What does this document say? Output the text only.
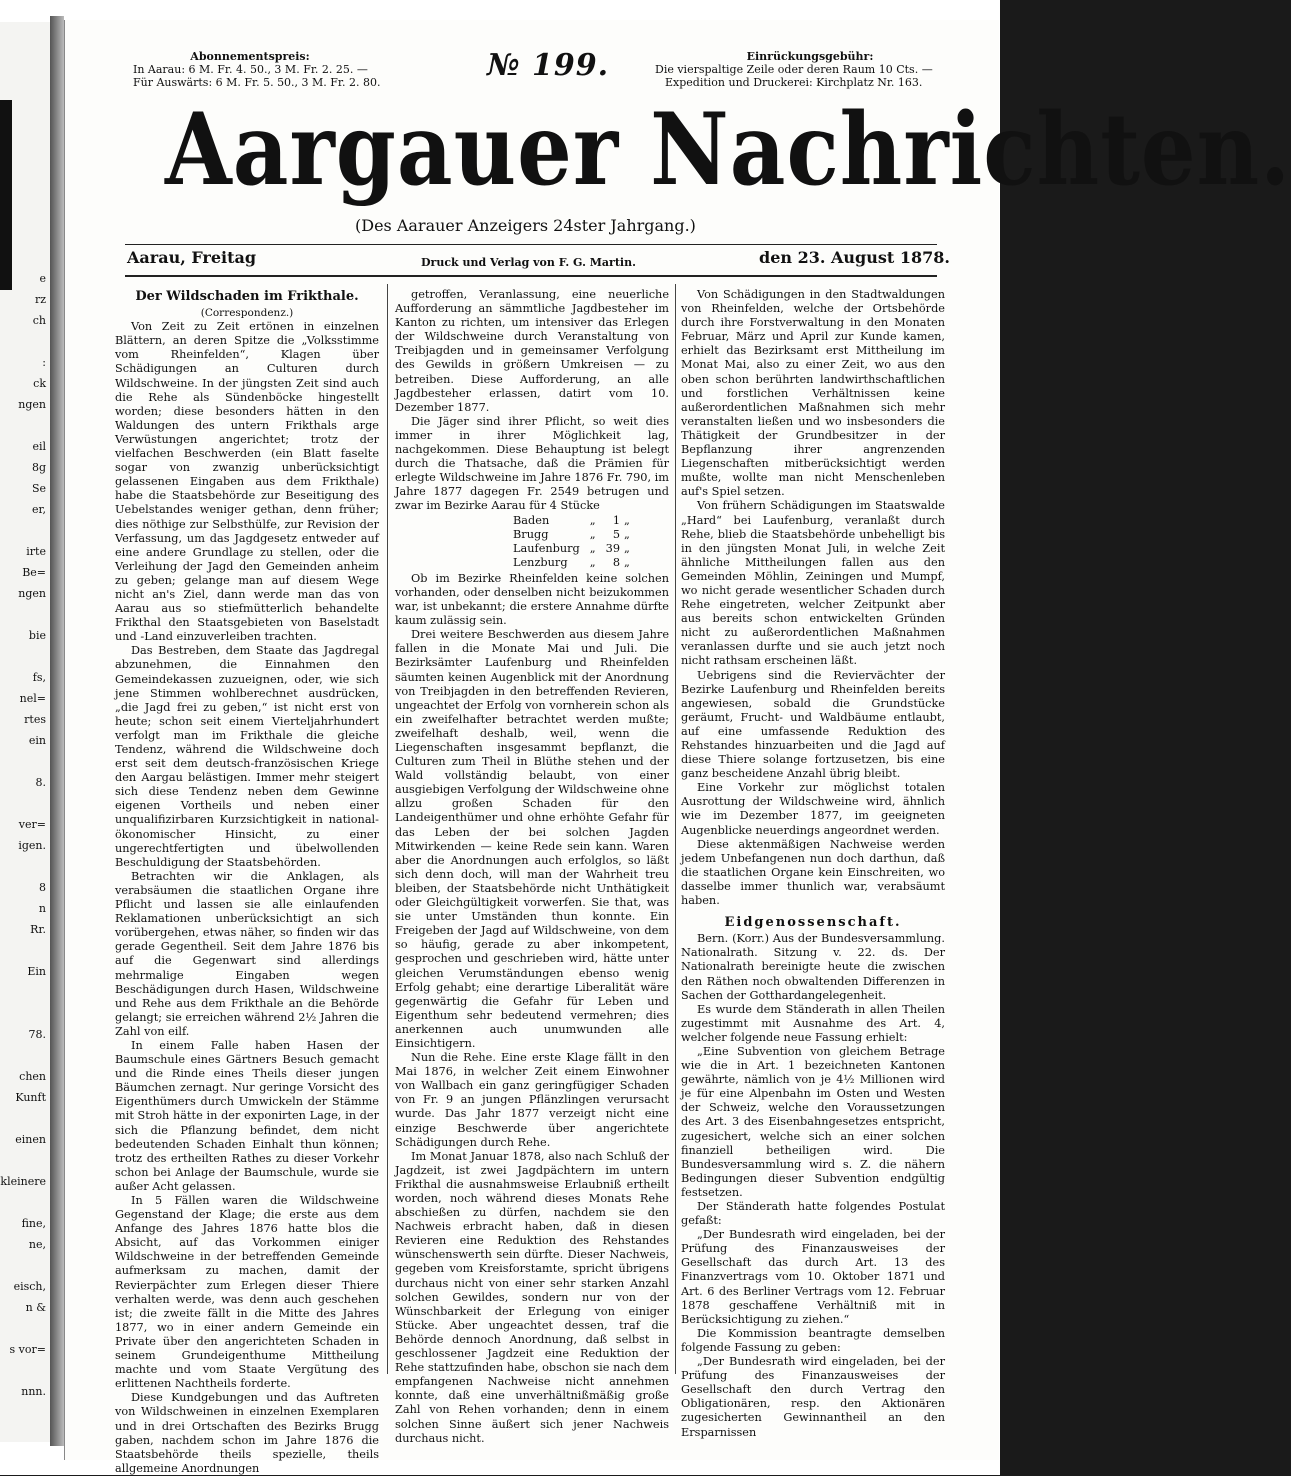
e
rz
ch
:
ck
ngen
eil
8g
Se
er,
irte
Be=
ngen
bie
fs,
nel=
rtes
ein
8.
ver=
igen.
8
n
Rr.
Ein
78.
chen
Kunft
einen
kleinere
fine,
ne,
eisch,
n &
s vor=
nnn.
Abonnementspreis:
In Aarau: 6 M. Fr. 4. 50., 3 M. Fr. 2. 25. —
Für Auswärts: 6 M. Fr. 5. 50., 3 M. Fr. 2. 80.	№ 199.	Einrückungsgebühr:
Die vierspaltige Zeile oder deren Raum 10 Cts. —
Expedition und Druckerei: Kirchplatz Nr. 163.
Aargauer Nachrichten.
(Des Aarauer Anzeigers 24ster Jahrgang.)
Aarau, Freitag	Druck und Verlag von F. G. Martin.	den 23. August 1878.
Der Wildschaden im Frikthale.

(Correspondenz.)

Von Zeit zu Zeit ertönen in einzelnen Blättern, an deren Spitze die „Volksstimme vom Rheinfelden“, Klagen über Schädigungen an Culturen durch Wildschweine. In der jüngsten Zeit sind auch die Rehe als Sündenböcke hingestellt worden; diese besonders hätten in den Waldungen des untern Frikthals arge Verwüstungen angerichtet; trotz der vielfachen Beschwerden (ein Blatt faselte sogar von zwanzig unberücksichtigt gelassenen Eingaben aus dem Frikthale) habe die Staatsbehörde zur Beseitigung des Uebelstandes weniger gethan, denn früher; dies nöthige zur Selbsthülfe, zur Revision der Verfassung, um das Jagdgesetz entweder auf eine andere Grundlage zu stellen, oder die Verleihung der Jagd den Gemeinden anheim zu geben; gelange man auf diesem Wege nicht an's Ziel, dann werde man das von Aarau aus so stiefmütterlich behandelte Frikthal den Staatsgebieten von Baselstadt und -Land einzuverleiben trachten.

Das Bestreben, dem Staate das Jagdregal abzunehmen, die Einnahmen den Gemeindekassen zuzueignen, oder, wie sich jene Stimmen wohlberechnet ausdrücken, „die Jagd frei zu geben,“ ist nicht erst von heute; schon seit einem Vierteljahrhundert verfolgt man im Frikthale die gleiche Tendenz, während die Wildschweine doch erst seit dem deutsch-französischen Kriege den Aargau belästigen. Immer mehr steigert sich diese Tendenz neben dem Gewinne eigenen Vortheils und neben einer unqualifizirbaren Kurzsichtigkeit in national-ökonomischer Hinsicht, zu einer ungerechtfertigten und übelwollenden Beschuldigung der Staatsbehörden.

Betrachten wir die Anklagen, als verabsäumen die staatlichen Organe ihre Pflicht und lassen sie alle einlaufenden Reklamationen unberücksichtigt an sich vorübergehen, etwas näher, so finden wir das gerade Gegentheil. Seit dem Jahre 1876 bis auf die Gegenwart sind allerdings mehrmalige Eingaben wegen Beschädigungen durch Hasen, Wildschweine und Rehe aus dem Frikthale an die Behörde gelangt; sie erreichen während 2½ Jahren die Zahl von eilf.

In einem Falle haben Hasen der Baumschule eines Gärtners Besuch gemacht und die Rinde eines Theils dieser jungen Bäumchen zernagt. Nur geringe Vorsicht des Eigenthümers durch Umwickeln der Stämme mit Stroh hätte in der exponirten Lage, in der sich die Pflanzung befindet, dem nicht bedeutenden Schaden Einhalt thun können; trotz des ertheilten Rathes zu dieser Vorkehr schon bei Anlage der Baumschule, wurde sie außer Acht gelassen.

In 5 Fällen waren die Wildschweine Gegenstand der Klage; die erste aus dem Anfange des Jahres 1876 hatte blos die Absicht, auf das Vorkommen einiger Wildschweine in der betreffenden Gemeinde aufmerksam zu machen, damit der Revierpächter zum Erlegen dieser Thiere verhalten werde, was denn auch geschehen ist; die zweite fällt in die Mitte des Jahres 1877, wo in einer andern Gemeinde ein Private über den angerichteten Schaden in seinem Grundeigenthume Mittheilung machte und vom Staate Vergütung des erlittenen Nachtheils forderte.

Diese Kundgebungen und das Auftreten von Wildschweinen in einzelnen Exemplaren und in drei Ortschaften des Bezirks Brugg gaben, nachdem schon im Jahre 1876 die Staatsbehörde theils spezielle, theils allgemeine Anordnungen

getroffen, Veranlassung, eine neuerliche Aufforderung an sämmtliche Jagdbesteher im Kanton zu richten, um intensiver das Erlegen der Wildschweine durch Veranstaltung von Treibjagden und in gemeinsamer Verfolgung des Gewilds in größern Umkreisen — zu betreiben. Diese Aufforderung, an alle Jagdbesteher erlassen, datirt vom 10. Dezember 1877.

Die Jäger sind ihrer Pflicht, so weit dies immer in ihrer Möglichkeit lag, nachgekommen. Diese Behauptung ist belegt durch die Thatsache, daß die Prämien für erlegte Wildschweine im Jahre 1876 Fr. 790, im Jahre 1877 dagegen Fr. 2549 betrugen und zwar im Bezirke Aarau für 4 Stücke

Baden	„	1	„
Brugg	„	5	„
Laufenburg	„	39	„
Lenzburg	„	8	„

Ob im Bezirke Rheinfelden keine solchen vorhanden, oder denselben nicht beizukommen war, ist unbekannt; die erstere Annahme dürfte kaum zulässig sein.

Drei weitere Beschwerden aus diesem Jahre fallen in die Monate Mai und Juli. Die Bezirksämter Laufenburg und Rheinfelden säumten keinen Augenblick mit der Anordnung von Treibjagden in den betreffenden Revieren, ungeachtet der Erfolg von vornherein schon als ein zweifelhafter betrachtet werden mußte; zweifelhaft deshalb, weil, wenn die Liegenschaften insgesammt bepflanzt, die Culturen zum Theil in Blüthe stehen und der Wald vollständig belaubt, von einer ausgiebigen Verfolgung der Wildschweine ohne allzu großen Schaden für den Landeigenthümer und ohne erhöhte Gefahr für das Leben der bei solchen Jagden Mitwirkenden — keine Rede sein kann. Waren aber die Anordnungen auch erfolglos, so läßt sich denn doch, will man der Wahrheit treu bleiben, der Staatsbehörde nicht Unthätigkeit oder Gleichgültigkeit vorwerfen. Sie that, was sie unter Umständen thun konnte. Ein Freigeben der Jagd auf Wildschweine, von dem so häufig, gerade zu aber inkompetent, gesprochen und geschrieben wird, hätte unter gleichen Verumständungen ebenso wenig Erfolg gehabt; eine derartige Liberalität wäre gegenwärtig die Gefahr für Leben und Eigenthum sehr bedeutend vermehren; dies anerkennen auch unumwunden alle Einsichtigern.

Nun die Rehe. Eine erste Klage fällt in den Mai 1876, in welcher Zeit einem Einwohner von Wallbach ein ganz geringfügiger Schaden von Fr. 9 an jungen Pflänzlingen verursacht wurde. Das Jahr 1877 verzeigt nicht eine einzige Beschwerde über angerichtete Schädigungen durch Rehe.

Im Monat Januar 1878, also nach Schluß der Jagdzeit, ist zwei Jagdpächtern im untern Frikthal die ausnahmsweise Erlaubniß ertheilt worden, noch während dieses Monats Rehe abschießen zu dürfen, nachdem sie den Nachweis erbracht haben, daß in diesen Revieren eine Reduktion des Rehstandes wünschenswerth sein dürfte. Dieser Nachweis, gegeben vom Kreisforstamte, spricht übrigens durchaus nicht von einer sehr starken Anzahl solchen Gewildes, sondern nur von der Wünschbarkeit der Erlegung von einiger Stücke. Aber ungeachtet dessen, traf die Behörde dennoch Anordnung, daß selbst in geschlossener Jagdzeit eine Reduktion der Rehe stattzufinden habe, obschon sie nach dem empfangenen Nachweise nicht annehmen konnte, daß eine unverhältnißmäßig große Zahl von Rehen vorhanden; denn in einem solchen Sinne äußert sich jener Nachweis durchaus nicht.

Von Schädigungen in den Stadtwaldungen von Rheinfelden, welche der Ortsbehörde durch ihre Forstverwaltung in den Monaten Februar, März und April zur Kunde kamen, erhielt das Bezirksamt erst Mittheilung im Monat Mai, also zu einer Zeit, wo aus den oben schon berührten landwirthschaftlichen und forstlichen Verhältnissen keine außerordentlichen Maßnahmen sich mehr veranstalten ließen und wo insbesonders die Thätigkeit der Grundbesitzer in der Bepflanzung ihrer angrenzenden Liegenschaften mitberücksichtigt werden mußte, wollte man nicht Menschenleben auf's Spiel setzen.

Von frühern Schädigungen im Staatswalde „Hard“ bei Laufenburg, veranlaßt durch Rehe, blieb die Staatsbehörde unbehelligt bis in den jüngsten Monat Juli, in welche Zeit ähnliche Mittheilungen fallen aus den Gemeinden Möhlin, Zeiningen und Mumpf, wo nicht gerade wesentlicher Schaden durch Rehe eingetreten, welcher Zeitpunkt aber aus bereits schon entwickelten Gründen nicht zu außerordentlichen Maßnahmen veranlassen durfte und sie auch jetzt noch nicht rathsam erscheinen läßt.

Uebrigens sind die Reviervächter der Bezirke Laufenburg und Rheinfelden bereits angewiesen, sobald die Grundstücke geräumt, Frucht- und Waldbäume entlaubt, auf eine umfassende Reduktion des Rehstandes hinzuarbeiten und die Jagd auf diese Thiere solange fortzusetzen, bis eine ganz bescheidene Anzahl übrig bleibt.

Eine Vorkehr zur möglichst totalen Ausrottung der Wildschweine wird, ähnlich wie im Dezember 1877, im geeigneten Augenblicke neuerdings angeordnet werden.

Diese aktenmäßigen Nachweise werden jedem Unbefangenen nun doch darthun, daß die staatlichen Organe kein Einschreiten, wo dasselbe immer thunlich war, verabsäumt haben.

Eidgenossenschaft.

Bern. (Korr.) Aus der Bundesversammlung. Nationalrath. Sitzung v. 22. ds. Der Nationalrath bereinigte heute die zwischen den Räthen noch obwaltenden Differenzen in Sachen der Gotthardangelegenheit.

Es wurde dem Ständerath in allen Theilen zugestimmt mit Ausnahme des Art. 4, welcher folgende neue Fassung erhielt:

„Eine Subvention von gleichem Betrage wie die in Art. 1 bezeichneten Kantonen gewährte, nämlich von je 4½ Millionen wird je für eine Alpenbahn im Osten und Westen der Schweiz, welche den Voraussetzungen des Art. 3 des Eisenbahngesetzes entspricht, zugesichert, welche sich an einer solchen finanziell betheiligen wird. Die Bundesversammlung wird s. Z. die nähern Bedingungen dieser Subvention endgültig festsetzen.

Der Ständerath hatte folgendes Postulat gefaßt:

„Der Bundesrath wird eingeladen, bei der Prüfung des Finanzausweises der Gesellschaft das durch Art. 13 des Finanzvertrags vom 10. Oktober 1871 und Art. 6 des Berliner Vertrags vom 12. Februar 1878 geschaffene Verhältniß mit in Berücksichtigung zu ziehen.“

Die Kommission beantragte demselben folgende Fassung zu geben:

„Der Bundesrath wird eingeladen, bei der Prüfung des Finanzausweises der Gesellschaft den durch Vertrag den Obligationären, resp. den Aktionären zugesicherten Gewinnantheil an den Ersparnissen
